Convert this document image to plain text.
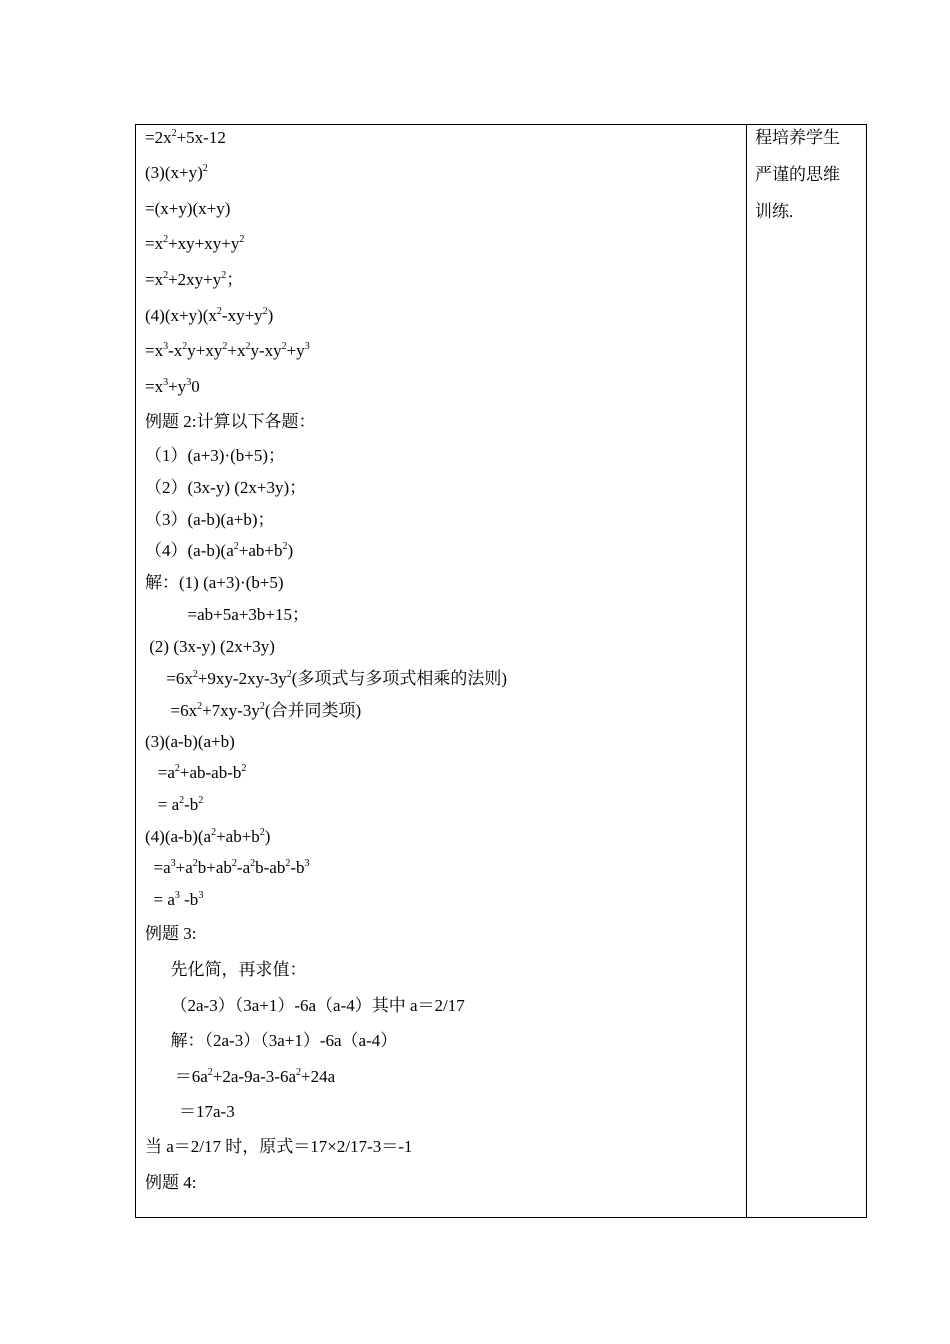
$=2x^2+5x-12$
$(3)(x+y)^2$
=(x+y)(x+y)
$=x^2+xy+xy+y^2$
$=x^2+2xy+y^2$；
$(4)(x+y)(x^2-xy+y^2)$
$=x^3-x^2y+xy^2+x^2y-xy^2+y^3$
$=x^3+y^30$
例题 2:计算以下各题：
（1）(a+3)·(b+5)；
（2）(3x-y) (2x+3y)；
（3）(a-b)(a+b)；
$(4)(a-b)(a^2+ab+b^2)$
解：(1) (a+3)·(b+5)
=ab+5a+3b+15；
(2) (3x-y) (2x+3y)
$=6x^2+9xy-2xy-3y^2$(多项式与多项式相乘的法则)
$=6x^2+7xy-3y^2$(合并同类项)
(3)(a-b)(a+b)
$=a^2+ab-ab-b^2$
= $a^2-b^2$
$(4)(a-b)(a^2+ab+b^2)$
$=a^3+a^2b+ab^2-a^2b-ab^2-b^3$
= $a^3$ $-b^3$
例题 3:
先化简，再求值：
（2a-3）（3a+1）-6a（a-4）其中 a＝2/17
解：（2a-3）（3a+1）-6a（a-4）
$=6a^2+2a-9a-3-6a^2+24a$
＝17a-3
当 a＝2/17 时，原式＝17×2/17-3＝-1
例题 4:
程培养学生
严谨的思维
训练.
